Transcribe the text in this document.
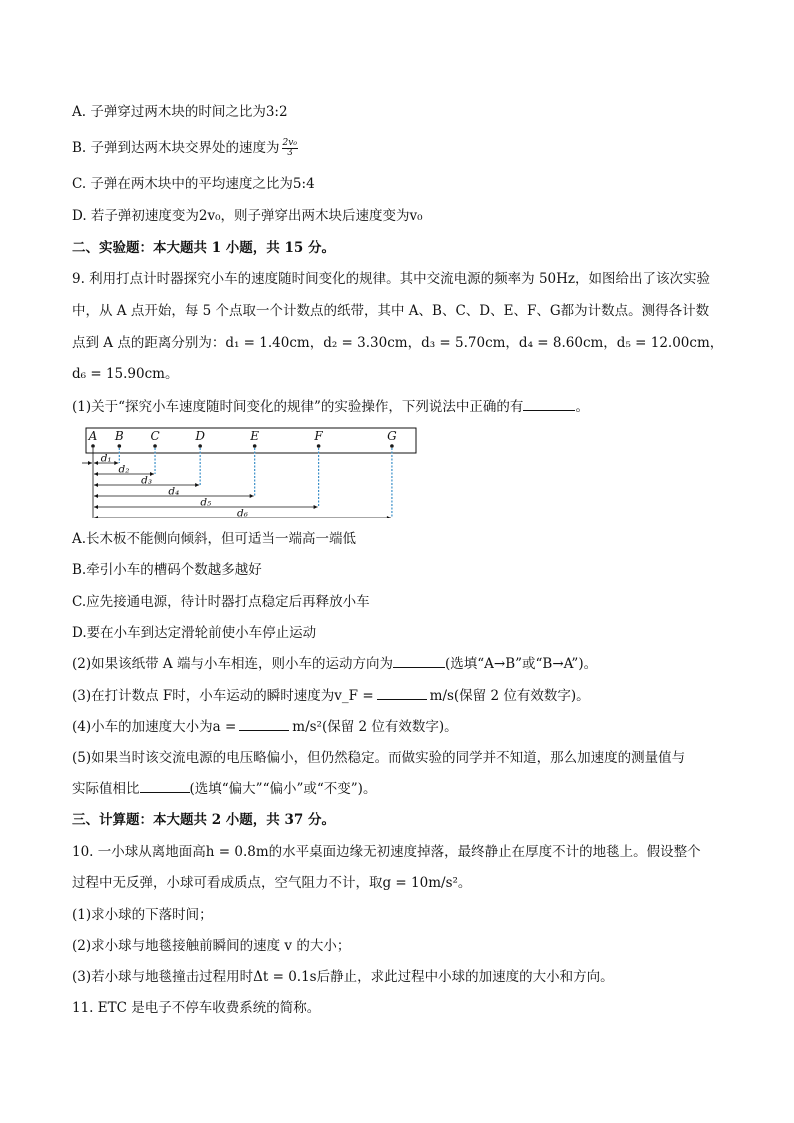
A. 子弹穿过两木块的时间之比为3:2
B. 子弹到达两木块交界处的速度为 $\frac{\text{2v₀}}{3}$
C. 子弹在两木块中的平均速度之比为5:4
D. 若子弹初速度变为2v₀，则子弹穿出两木块后速度变为v₀
二、实验题：本大题共 1 小题，共 15 分。
9. 利用打点计时器探究小车的速度随时间变化的规律。其中交流电源的频率为 50Hz，如图给出了该次实验
中，从 A 点开始，每 5 个点取一个计数点的纸带，其中 A、B、C、D、E、F、G都为计数点。测得各计数
点到 A 点的距离分别为：d₁ = 1.40cm，d₂ = 3.30cm，d₃ = 5.70cm，d₄ = 8.60cm，d₅ = 12.00cm，
d₆ = 15.90cm。
(1)关于“探究小车速度随时间变化的规律”的实验操作，下列说法中正确的有	。
A B C	D	E	F	G
d₁
d₂
d₃
d₄
d₅
d₆
A.长木板不能侧向倾斜，但可适当一端高一端低
B.牵引小车的槽码个数越多越好
C.应先接通电源，待计时器打点稳定后再释放小车
D.要在小车到达定滑轮前使小车停止运动
(2)如果该纸带 A 端与小车相连，则小车的运动方向为	(选填“A→B”或“B→A”)。
(3)在打计数点 F时，小车运动的瞬时速度为v_F =	m/s(保留 2 位有效数字)。
(4)小车的加速度大小为a =	m/s²(保留 2 位有效数字)。
(5)如果当时该交流电源的电压略偏小，但仍然稳定。而做实验的同学并不知道，那么加速度的测量值与
实际值相比	(选填“偏大”“偏小”或“不变”)。
三、计算题：本大题共 2 小题，共 37 分。
10. 一小球从离地面高h = 0.8m的水平桌面边缘无初速度掉落，最终静止在厚度不计的地毯上。假设整个
过程中无反弹，小球可看成质点，空气阻力不计，取g = 10m/s²。
(1)求小球的下落时间；
(2)求小球与地毯接触前瞬间的速度 v 的大小；
(3)若小球与地毯撞击过程用时Δt = 0.1s后静止，求此过程中小球的加速度的大小和方向。
11. ETC 是电子不停车收费系统的简称。
